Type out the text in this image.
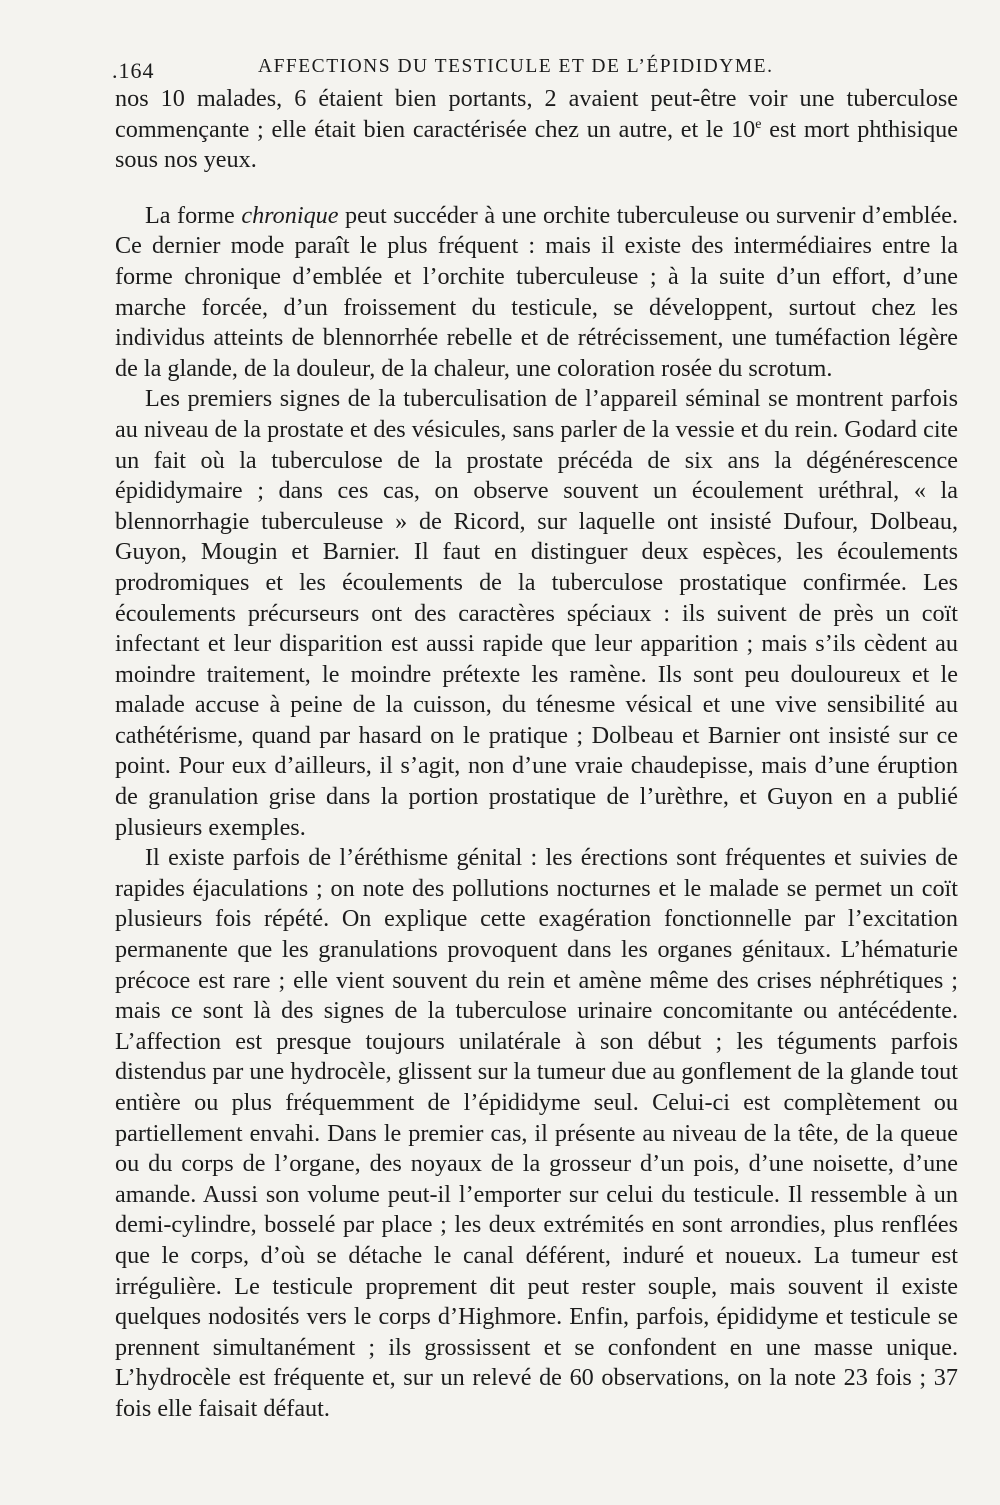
.164	AFFECTIONS DU TESTICULE ET DE L’ÉPIDIDYME.

nos 10 malades, 6 étaient bien portants, 2 avaient peut-être voir une tuberculose commençante ; elle était bien caractérisée chez un autre, et le 10e est mort phthisique sous nos yeux.

La forme chronique peut succéder à une orchite tuberculeuse ou survenir d’emblée. Ce dernier mode paraît le plus fréquent : mais il existe des intermédiaires entre la forme chronique d’emblée et l’orchite tuberculeuse ; à la suite d’un effort, d’une marche forcée, d’un froissement du testicule, se développent, surtout chez les individus atteints de blennorrhée rebelle et de rétrécissement, une tuméfaction légère de la glande, de la douleur, de la chaleur, une coloration rosée du scrotum.

Les premiers signes de la tuberculisation de l’appareil séminal se montrent parfois au niveau de la prostate et des vésicules, sans parler de la vessie et du rein. Godard cite un fait où la tuberculose de la prostate précéda de six ans la dégénérescence épididymaire ; dans ces cas, on observe souvent un écoulement uréthral, « la blennorrhagie tuberculeuse » de Ricord, sur laquelle ont insisté Dufour, Dolbeau, Guyon, Mougin et Barnier. Il faut en distinguer deux espèces, les écoulements prodromiques et les écoulements de la tuberculose prostatique confirmée. Les écoulements précurseurs ont des caractères spéciaux : ils suivent de près un coït infectant et leur disparition est aussi rapide que leur apparition ; mais s’ils cèdent au moindre traitement, le moindre prétexte les ramène. Ils sont peu douloureux et le malade accuse à peine de la cuisson, du ténesme vésical et une vive sensibilité au cathétérisme, quand par hasard on le pratique ; Dolbeau et Barnier ont insisté sur ce point. Pour eux d’ailleurs, il s’agit, non d’une vraie chaudepisse, mais d’une éruption de granulation grise dans la portion prostatique de l’urèthre, et Guyon en a publié plusieurs exemples.

Il existe parfois de l’éréthisme génital : les érections sont fréquentes et suivies de rapides éjaculations ; on note des pollutions nocturnes et le malade se permet un coït plusieurs fois répété. On explique cette exagération fonctionnelle par l’excitation permanente que les granulations provoquent dans les organes génitaux. L’hématurie précoce est rare ; elle vient souvent du rein et amène même des crises néphrétiques ; mais ce sont là des signes de la tuberculose urinaire concomitante ou antécédente. L’affection est presque toujours unilatérale à son début ; les téguments parfois distendus par une hydrocèle, glissent sur la tumeur due au gonflement de la glande tout entière ou plus fréquemment de l’épididyme seul. Celui-ci est complètement ou partiellement envahi. Dans le premier cas, il présente au niveau de la tête, de la queue ou du corps de l’organe, des noyaux de la grosseur d’un pois, d’une noisette, d’une amande. Aussi son volume peut-il l’emporter sur celui du testicule. Il ressemble à un demi-cylindre, bosselé par place ; les deux extrémités en sont arrondies, plus renflées que le corps, d’où se détache le canal déférent, induré et noueux. La tumeur est irrégulière. Le testicule proprement dit peut rester souple, mais souvent il existe quelques nodosités vers le corps d’Highmore. Enfin, parfois, épididyme et testicule se prennent simultanément ; ils grossissent et se confondent en une masse unique. L’hydrocèle est fréquente et, sur un relevé de 60 observations, on la note 23 fois ; 37 fois elle faisait défaut.
